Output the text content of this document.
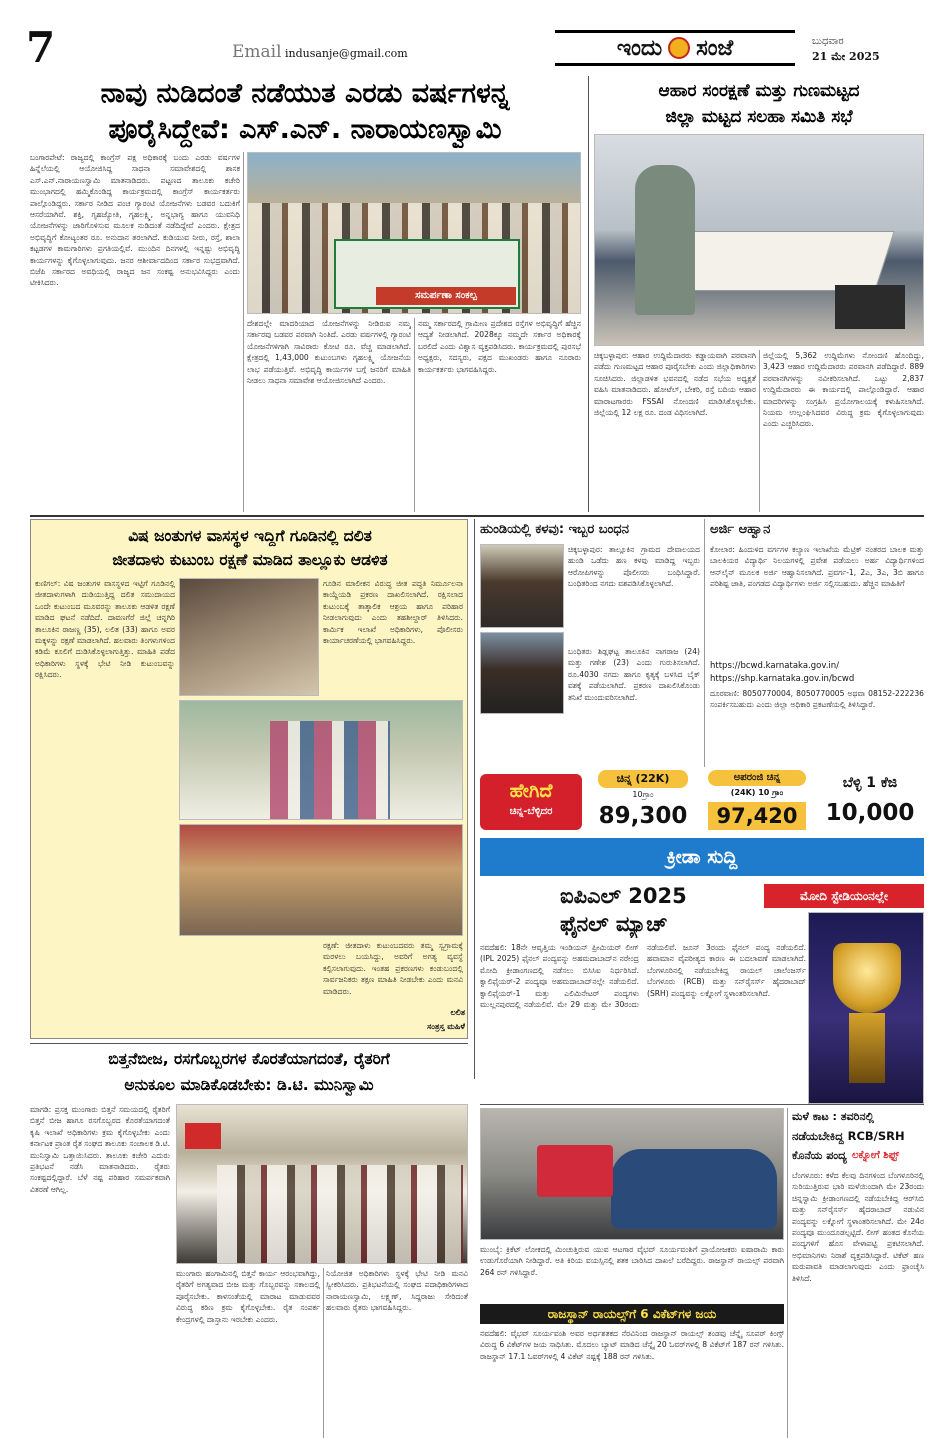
7	Email indusanje@gmail.com	ಇಂದು ಸಂಜೆ	ಬುಧವಾರ
21 ಮೇ 2025
ನಾವು ನುಡಿದಂತೆ ನಡೆಯುತ ಎರಡು ವರ್ಷಗಳನ್ನ
ಪೂರೈಸಿದ್ದೇವೆ: ಎಸ್.ಎನ್. ನಾರಾಯಣಸ್ವಾಮಿ
ಬಂಗಾರಪೇಟೆ: ರಾಜ್ಯದಲ್ಲಿ ಕಾಂಗ್ರೆಸ್ ಪಕ್ಷ ಅಧಿಕಾರಕ್ಕೆ ಬಂದು ಎರಡು ವರ್ಷಗಳ ಹಿನ್ನೆಲೆಯಲ್ಲಿ ಆಯೋಜಿಸಿದ್ದ ಸಾಧನಾ ಸಮಾವೇಶದಲ್ಲಿ ಶಾಸಕ ಎಸ್.ಎನ್.ನಾರಾಯಣಸ್ವಾಮಿ ಮಾತನಾಡಿದರು. ಪಟ್ಟಣದ ತಾಲೂಕು ಕಚೇರಿ ಮುಂಭಾಗದಲ್ಲಿ ಹಮ್ಮಿಕೊಂಡಿದ್ದ ಕಾರ್ಯಕ್ರಮದಲ್ಲಿ ಕಾಂಗ್ರೆಸ್ ಕಾರ್ಯಕರ್ತರು ಪಾಲ್ಗೊಂಡಿದ್ದರು. ಸರ್ಕಾರ ನೀಡಿದ ಪಂಚ ಗ್ಯಾರಂಟಿ ಯೋಜನೆಗಳು ಬಡವರ ಬದುಕಿಗೆ ಆಸರೆಯಾಗಿವೆ. ಶಕ್ತಿ, ಗೃಹಜ್ಯೋತಿ, ಗೃಹಲಕ್ಷ್ಮಿ, ಅನ್ನಭಾಗ್ಯ ಹಾಗೂ ಯುವನಿಧಿ ಯೋಜನೆಗಳನ್ನು ಜಾರಿಗೊಳಿಸುವ ಮೂಲಕ ನುಡಿದಂತೆ ನಡೆದಿದ್ದೇವೆ ಎಂದರು. ಕ್ಷೇತ್ರದ ಅಭಿವೃದ್ಧಿಗೆ ಕೋಟ್ಯಂತರ ರೂ. ಅನುದಾನ ತರಲಾಗಿದೆ. ಕುಡಿಯುವ ನೀರು, ರಸ್ತೆ, ಶಾಲಾ ಕಟ್ಟಡಗಳ ಕಾಮಗಾರಿಗಳು ಪ್ರಗತಿಯಲ್ಲಿವೆ. ಮುಂದಿನ ದಿನಗಳಲ್ಲಿ ಇನ್ನಷ್ಟು ಅಭಿವೃದ್ಧಿ ಕಾರ್ಯಗಳನ್ನು ಕೈಗೊಳ್ಳಲಾಗುವುದು. ಜನರ ಆಶೀರ್ವಾದದಿಂದ ಸರ್ಕಾರ ಸುಭದ್ರವಾಗಿದೆ. ಬಿಜೆಪಿ ಸರ್ಕಾರದ ಅವಧಿಯಲ್ಲಿ ರಾಜ್ಯದ ಜನ ಸಂಕಷ್ಟ ಅನುಭವಿಸಿದ್ದರು ಎಂದು ಟೀಕಿಸಿದರು.
ಸಮರ್ಪಣಾ ಸಂಕಲ್ಪ
ದೇಶದಲ್ಲೇ ಮಾದರಿಯಾದ ಯೋಜನೆಗಳನ್ನು ನೀಡಿರುವ ನಮ್ಮ ಸರ್ಕಾರವು ಬಡವರ ಪರವಾಗಿ ನಿಂತಿದೆ. ಎರಡು ವರ್ಷಗಳಲ್ಲಿ ಗ್ಯಾರಂಟಿ ಯೋಜನೆಗಳಿಗಾಗಿ ಸಾವಿರಾರು ಕೋಟಿ ರೂ. ವೆಚ್ಚ ಮಾಡಲಾಗಿದೆ. ಕ್ಷೇತ್ರದಲ್ಲಿ 1,43,000 ಕುಟುಂಬಗಳು ಗೃಹಲಕ್ಷ್ಮಿ ಯೋಜನೆಯ ಲಾಭ ಪಡೆಯುತ್ತಿವೆ. ಅಭಿವೃದ್ಧಿ ಕಾರ್ಯಗಳ ಬಗ್ಗೆ ಜನರಿಗೆ ಮಾಹಿತಿ ನೀಡಲು ಸಾಧನಾ ಸಮಾವೇಶ ಆಯೋಜಿಸಲಾಗಿದೆ ಎಂದರು.
ನಮ್ಮ ಸರ್ಕಾರದಲ್ಲಿ ಗ್ರಾಮೀಣ ಪ್ರದೇಶದ ರಸ್ತೆಗಳ ಅಭಿವೃದ್ಧಿಗೆ ಹೆಚ್ಚಿನ ಆದ್ಯತೆ ನೀಡಲಾಗಿದೆ. 2028ಕ್ಕೂ ನಮ್ಮದೇ ಸರ್ಕಾರ ಅಧಿಕಾರಕ್ಕೆ ಬರಲಿದೆ ಎಂದು ವಿಶ್ವಾಸ ವ್ಯಕ್ತಪಡಿಸಿದರು. ಕಾರ್ಯಕ್ರಮದಲ್ಲಿ ಪುರಸಭೆ ಅಧ್ಯಕ್ಷರು, ಸದಸ್ಯರು, ಪಕ್ಷದ ಮುಖಂಡರು ಹಾಗೂ ನೂರಾರು ಕಾರ್ಯಕರ್ತರು ಭಾಗವಹಿಸಿದ್ದರು.
ಆಹಾರ ಸಂರಕ್ಷಣೆ ಮತ್ತು ಗುಣಮಟ್ಟದ
ಜಿಲ್ಲಾ ಮಟ್ಟದ ಸಲಹಾ ಸಮಿತಿ ಸಭೆ
ಚಿಕ್ಕಬಳ್ಳಾಪುರ: ಆಹಾರ ಉದ್ದಿಮೆದಾರರು ಕಡ್ಡಾಯವಾಗಿ ಪರವಾನಗಿ ಪಡೆದು ಗುಣಮಟ್ಟದ ಆಹಾರ ಪೂರೈಸಬೇಕು ಎಂದು ಜಿಲ್ಲಾಧಿಕಾರಿಗಳು ಸೂಚಿಸಿದರು. ಜಿಲ್ಲಾಡಳಿತ ಭವನದಲ್ಲಿ ನಡೆದ ಸಭೆಯ ಅಧ್ಯಕ್ಷತೆ ವಹಿಸಿ ಮಾತನಾಡಿದರು. ಹೋಟೆಲ್, ಬೇಕರಿ, ರಸ್ತೆ ಬದಿಯ ಆಹಾರ ಮಾರಾಟಗಾರರು FSSAI ನೋಂದಣಿ ಮಾಡಿಸಿಕೊಳ್ಳಬೇಕು. ಜಿಲ್ಲೆಯಲ್ಲಿ 12 ಲಕ್ಷ ರೂ. ದಂಡ ವಿಧಿಸಲಾಗಿದೆ.
ಜಿಲ್ಲೆಯಲ್ಲಿ 5,362 ಉದ್ದಿಮೆಗಳು ನೋಂದಣಿ ಹೊಂದಿದ್ದು, 3,423 ಆಹಾರ ಉದ್ದಿಮೆದಾರರು ಪರವಾನಗಿ ಪಡೆದಿದ್ದಾರೆ. 889 ಪರವಾನಗಿಗಳನ್ನು ನವೀಕರಿಸಲಾಗಿದೆ. ಒಟ್ಟು 2,837 ಉದ್ದಿಮೆದಾರರು ಈ ಕಾರ್ಯದಲ್ಲಿ ಪಾಲ್ಗೊಂಡಿದ್ದಾರೆ. ಆಹಾರ ಮಾದರಿಗಳನ್ನು ಸಂಗ್ರಹಿಸಿ ಪ್ರಯೋಗಾಲಯಕ್ಕೆ ಕಳುಹಿಸಲಾಗಿದೆ. ನಿಯಮ ಉಲ್ಲಂಘಿಸಿದವರ ವಿರುದ್ಧ ಕ್ರಮ ಕೈಗೊಳ್ಳಲಾಗುವುದು ಎಂದು ಎಚ್ಚರಿಸಿದರು.
ವಿಷ ಜಂತುಗಳ ವಾಸಸ್ಥಳ ಇದ್ದಿಗೆ ಗೂಡಿನಲ್ಲಿ ದಲಿತ
ಜೀತದಾಳು ಕುಟುಂಬ ರಕ್ಷಣೆ ಮಾಡಿದ ತಾಲ್ಲೂಕು ಆಡಳಿತ
ಕುಣಿಗಲ್: ವಿಷ ಜಂತುಗಳ ವಾಸಸ್ಥಳದ ಇಟ್ಟಿಗೆ ಗೂಡಿನಲ್ಲಿ ಜೀತದಾಳುಗಳಾಗಿ ದುಡಿಯುತ್ತಿದ್ದ ದಲಿತ ಸಮುದಾಯದ ಒಂದೇ ಕುಟುಂಬದ ಮೂವರನ್ನು ತಾಲೂಕು ಆಡಳಿತ ರಕ್ಷಣೆ ಮಾಡಿದ ಘಟನೆ ನಡೆದಿದೆ. ದಾವಣಗೆರೆ ಜಿಲ್ಲೆ ಚನ್ನಗಿರಿ ತಾಲೂಕಿನ ರಾಜಣ್ಣ (35), ಲಲಿತ (33) ಹಾಗೂ ಅವರ ಮಕ್ಕಳನ್ನು ರಕ್ಷಣೆ ಮಾಡಲಾಗಿದೆ. ಹಲವಾರು ತಿಂಗಳುಗಳಿಂದ ಕಡಿಮೆ ಕೂಲಿಗೆ ದುಡಿಸಿಕೊಳ್ಳಲಾಗುತ್ತಿತ್ತು. ಮಾಹಿತಿ ಪಡೆದ ಅಧಿಕಾರಿಗಳು ಸ್ಥಳಕ್ಕೆ ಭೇಟಿ ನೀಡಿ ಕುಟುಂಬವನ್ನು ರಕ್ಷಿಸಿದರು.
ಗೂಡಿನ ಮಾಲೀಕನ ವಿರುದ್ಧ ಜೀತ ಪದ್ಧತಿ ನಿರ್ಮೂಲನಾ ಕಾಯ್ದೆಯಡಿ ಪ್ರಕರಣ ದಾಖಲಿಸಲಾಗಿದೆ. ರಕ್ಷಿಸಲಾದ ಕುಟುಂಬಕ್ಕೆ ತಾತ್ಕಾಲಿಕ ಆಶ್ರಯ ಹಾಗೂ ಪರಿಹಾರ ನೀಡಲಾಗುವುದು ಎಂದು ತಹಶೀಲ್ದಾರ್ ತಿಳಿಸಿದರು. ಕಾರ್ಮಿಕ ಇಲಾಖೆ ಅಧಿಕಾರಿಗಳು, ಪೊಲೀಸರು ಕಾರ್ಯಾಚರಣೆಯಲ್ಲಿ ಭಾಗವಹಿಸಿದ್ದರು.
ರಕ್ಷಣೆ: ಜೀತದಾಳು ಕುಟುಂಬದವರು ತಮ್ಮ ಸ್ವಗ್ರಾಮಕ್ಕೆ ಮರಳಲು ಬಯಸಿದ್ದು, ಅವರಿಗೆ ಅಗತ್ಯ ವ್ಯವಸ್ಥೆ ಕಲ್ಪಿಸಲಾಗುವುದು. ಇಂತಹ ಪ್ರಕರಣಗಳು ಕಂಡುಬಂದಲ್ಲಿ ಸಾರ್ವಜನಿಕರು ತಕ್ಷಣ ಮಾಹಿತಿ ನೀಡಬೇಕು ಎಂದು ಮನವಿ ಮಾಡಿದರು.
ಲಲಿತ
ಸಂತ್ರಸ್ತ ಮಹಿಳೆ
ಹುಂಡಿಯಲ್ಲಿ ಕಳವು: ಇಬ್ಬರ ಬಂಧನ
ಚಿಕ್ಕಬಳ್ಳಾಪುರ: ತಾಲ್ಲೂಕಿನ ಗ್ರಾಮದ ದೇವಾಲಯದ ಹುಂಡಿ ಒಡೆದು ಹಣ ಕಳವು ಮಾಡಿದ್ದ ಇಬ್ಬರು ಆರೋಪಿಗಳನ್ನು ಪೊಲೀಸರು ಬಂಧಿಸಿದ್ದಾರೆ. ಬಂಧಿತರಿಂದ ನಗದು ವಶಪಡಿಸಿಕೊಳ್ಳಲಾಗಿದೆ.
ಬಂಧಿತರು ಶಿಡ್ಲಘಟ್ಟ ತಾಲೂಕಿನ ನಾಗರಾಜ (24) ಮತ್ತು ಗಣೇಶ (23) ಎಂದು ಗುರುತಿಸಲಾಗಿದೆ. ರೂ.4030 ನಗದು ಹಾಗೂ ಕೃತ್ಯಕ್ಕೆ ಬಳಸಿದ ಬೈಕ್ ವಶಕ್ಕೆ ಪಡೆಯಲಾಗಿದೆ. ಪ್ರಕರಣ ದಾಖಲಿಸಿಕೊಂಡು ತನಿಖೆ ಮುಂದುವರಿಸಲಾಗಿದೆ.
ಅರ್ಜಿ ಆಹ್ವಾನ
ಕೋಲಾರ: ಹಿಂದುಳಿದ ವರ್ಗಗಳ ಕಲ್ಯಾಣ ಇಲಾಖೆಯ ಮೆಟ್ರಿಕ್ ನಂತರದ ಬಾಲಕ ಮತ್ತು ಬಾಲಕಿಯರ ವಿದ್ಯಾರ್ಥಿ ನಿಲಯಗಳಲ್ಲಿ ಪ್ರವೇಶ ಪಡೆಯಲು ಅರ್ಹ ವಿದ್ಯಾರ್ಥಿಗಳಿಂದ ಆನ್‌ಲೈನ್ ಮೂಲಕ ಅರ್ಜಿ ಆಹ್ವಾನಿಸಲಾಗಿದೆ. ಪ್ರವರ್ಗ-1, 2ಎ, 3ಎ, 3ಬಿ ಹಾಗೂ ಪರಿಶಿಷ್ಟ ಜಾತಿ, ಪಂಗಡದ ವಿದ್ಯಾರ್ಥಿಗಳು ಅರ್ಜಿ ಸಲ್ಲಿಸಬಹುದು. ಹೆಚ್ಚಿನ ಮಾಹಿತಿಗೆ
https://bcwd.karnataka.gov.in/
https://shp.karnataka.gov.in/bcwd
ದೂರವಾಣಿ: 8050770004, 8050770005 ಅಥವಾ 08152-222236 ಸಂಪರ್ಕಿಸಬಹುದು ಎಂದು ಜಿಲ್ಲಾ ಅಧಿಕಾರಿ ಪ್ರಕಟಣೆಯಲ್ಲಿ ತಿಳಿಸಿದ್ದಾರೆ.
ಹೇಗಿದೆ
ಚಿನ್ನ-ಬೆಳ್ಳಿದರ
ಚಿನ್ನ (22K)
10ಗ್ರಾಂ
89,300
ಅಪರಂಜಿ ಚಿನ್ನ
(24K) 10 ಗ್ರಾಂ
97,420
ಬೆಳ್ಳಿ 1 ಕೆಜಿ
10,000
ಕ್ರೀಡಾ ಸುದ್ದಿ
ಐಪಿಎಲ್ 2025	ಮೋದಿ ಸ್ಟೇಡಿಯಂನಲ್ಲೇ
ಫೈನಲ್ ಮ್ಯಾಚ್
ನವದೆಹಲಿ: 18ನೇ ಆವೃತ್ತಿಯ ಇಂಡಿಯನ್ ಪ್ರೀಮಿಯರ್ ಲೀಗ್ (IPL 2025) ಫೈನಲ್ ಪಂದ್ಯವನ್ನು ಅಹಮದಾಬಾದ್‌ನ ನರೇಂದ್ರ ಮೋದಿ ಕ್ರೀಡಾಂಗಣದಲ್ಲಿ ನಡೆಸಲು ಬಿಸಿಸಿಐ ನಿರ್ಧರಿಸಿದೆ. ಕ್ವಾಲಿಫೈಯರ್-2 ಪಂದ್ಯವೂ ಅಹಮದಾಬಾದ್‌ನಲ್ಲೇ ನಡೆಯಲಿದೆ. ಕ್ವಾಲಿಫೈಯರ್-1 ಮತ್ತು ಎಲಿಮಿನೇಟರ್ ಪಂದ್ಯಗಳು ಮುಲ್ಲನಪುರದಲ್ಲಿ ನಡೆಯಲಿವೆ. ಮೇ 29 ಮತ್ತು ಮೇ 30ರಂದು ನಡೆಯಲಿವೆ. ಜೂನ್ 3ರಂದು ಫೈನಲ್ ಪಂದ್ಯ ನಡೆಯಲಿದೆ. ಹವಾಮಾನ ವೈಪರೀತ್ಯದ ಕಾರಣ ಈ ಬದಲಾವಣೆ ಮಾಡಲಾಗಿದೆ. ಬೆಂಗಳೂರಿನಲ್ಲಿ ನಡೆಯಬೇಕಿದ್ದ ರಾಯಲ್ ಚಾಲೆಂಜರ್ಸ್ ಬೆಂಗಳೂರು (RCB) ಮತ್ತು ಸನ್‌ರೈಸರ್ಸ್ ಹೈದರಾಬಾದ್ (SRH) ಪಂದ್ಯವನ್ನು ಲಕ್ನೋಗೆ ಸ್ಥಳಾಂತರಿಸಲಾಗಿದೆ.
ಮುಂಬೈ: ಕ್ರಿಕೆಟ್ ಲೋಕದಲ್ಲಿ ಮಿಂಚುತ್ತಿರುವ ಯುವ ಆಟಗಾರ ವೈಭವ್ ಸೂರ್ಯವಂಶಿಗೆ ಪ್ರಾಯೋಜಕರು ಐಷಾರಾಮಿ ಕಾರು ಉಡುಗೊರೆಯಾಗಿ ನೀಡಿದ್ದಾರೆ. ಅತಿ ಕಿರಿಯ ವಯಸ್ಸಿನಲ್ಲಿ ಶತಕ ಬಾರಿಸಿದ ದಾಖಲೆ ಬರೆದಿದ್ದರು. ರಾಜಸ್ಥಾನ್ ರಾಯಲ್ಸ್ ಪರವಾಗಿ 264 ರನ್ ಗಳಿಸಿದ್ದಾರೆ.
ರಾಜಸ್ಥಾನ್ ರಾಯಲ್ಸ್‌ಗೆ 6 ವಿಕೆಟ್‌ಗಳ ಜಯ
ನವದೆಹಲಿ: ವೈಭವ್ ಸೂರ್ಯವಂಶಿ ಅವರ ಅರ್ಧಶತಕದ ನೆರವಿನಿಂದ ರಾಜಸ್ಥಾನ್ ರಾಯಲ್ಸ್ ತಂಡವು ಚೆನ್ನೈ ಸೂಪರ್ ಕಿಂಗ್ಸ್ ವಿರುದ್ಧ 6 ವಿಕೆಟ್‌ಗಳ ಜಯ ಸಾಧಿಸಿತು. ಮೊದಲು ಬ್ಯಾಟ್ ಮಾಡಿದ ಚೆನ್ನೈ 20 ಓವರ್‌ಗಳಲ್ಲಿ 8 ವಿಕೆಟ್‌ಗೆ 187 ರನ್ ಗಳಿಸಿತು. ರಾಜಸ್ಥಾನ್ 17.1 ಓವರ್‌ಗಳಲ್ಲಿ 4 ವಿಕೆಟ್ ನಷ್ಟಕ್ಕೆ 188 ರನ್ ಗಳಿಸಿತು.
ಮಳೆ ಕಾಟ : ತವರಿನಲ್ಲಿ
ನಡೆಯಬೇಕಿದ್ದ RCB/SRH
ಕೊನೆಯ ಪಂದ್ಯ ಲಕ್ನೋಗೆ ಶಿಫ್ಟ್
ಬೆಂಗಳೂರು: ಕಳೆದ ಕೆಲವು ದಿನಗಳಿಂದ ಬೆಂಗಳೂರಿನಲ್ಲಿ ಸುರಿಯುತ್ತಿರುವ ಭಾರಿ ಮಳೆಯಿಂದಾಗಿ ಮೇ 23ರಂದು ಚಿನ್ನಸ್ವಾಮಿ ಕ್ರೀಡಾಂಗಣದಲ್ಲಿ ನಡೆಯಬೇಕಿದ್ದ ಆರ್‌ಸಿಬಿ ಮತ್ತು ಸನ್‌ರೈಸರ್ಸ್ ಹೈದರಾಬಾದ್ ನಡುವಿನ ಪಂದ್ಯವನ್ನು ಲಕ್ನೋಗೆ ಸ್ಥಳಾಂತರಿಸಲಾಗಿದೆ. ಮೇ 24ರ ಪಂದ್ಯವೂ ಮುಂದೂಡಲ್ಪಟ್ಟಿದೆ. ಲೀಗ್ ಹಂತದ ಕೊನೆಯ ಪಂದ್ಯಗಳಿಗೆ ಹೊಸ ವೇಳಾಪಟ್ಟಿ ಪ್ರಕಟಿಸಲಾಗಿದೆ. ಅಭಿಮಾನಿಗಳು ನಿರಾಶೆ ವ್ಯಕ್ತಪಡಿಸಿದ್ದಾರೆ. ಟಿಕೆಟ್ ಹಣ ಮರುಪಾವತಿ ಮಾಡಲಾಗುವುದು ಎಂದು ಫ್ರಾಂಚೈಸಿ ತಿಳಿಸಿದೆ.
ಬಿತ್ತನೆಬೀಜ, ರಸಗೊಬ್ಬರಗಳ ಕೊರತೆಯಾಗದಂತೆ, ರೈತರಿಗೆ
ಅನುಕೂಲ ಮಾಡಿಕೊಡಬೇಕು: ಡಿ.ಟಿ. ಮುನಿಸ್ವಾಮಿ
ಮಾಗಡಿ: ಪ್ರಸಕ್ತ ಮುಂಗಾರು ಬಿತ್ತನೆ ಸಮಯದಲ್ಲಿ ರೈತರಿಗೆ ಬಿತ್ತನೆ ಬೀಜ ಹಾಗೂ ರಸಗೊಬ್ಬರದ ಕೊರತೆಯಾಗದಂತೆ ಕೃಷಿ ಇಲಾಖೆ ಅಧಿಕಾರಿಗಳು ಕ್ರಮ ಕೈಗೊಳ್ಳಬೇಕು ಎಂದು ಕರ್ನಾಟಕ ಪ್ರಾಂತ ರೈತ ಸಂಘದ ತಾಲೂಕು ಸಂಚಾಲಕ ಡಿ.ಟಿ. ಮುನಿಸ್ವಾಮಿ ಒತ್ತಾಯಿಸಿದರು. ತಾಲೂಕು ಕಚೇರಿ ಎದುರು ಪ್ರತಿಭಟನೆ ನಡೆಸಿ ಮಾತನಾಡಿದರು. ರೈತರು ಸಂಕಷ್ಟದಲ್ಲಿದ್ದಾರೆ. ಬೆಳೆ ನಷ್ಟ ಪರಿಹಾರ ಸಮರ್ಪಕವಾಗಿ ವಿತರಣೆ ಆಗಿಲ್ಲ.
ಮುಂಗಾರು ಹಂಗಾಮಿನಲ್ಲಿ ಬಿತ್ತನೆ ಕಾರ್ಯ ಆರಂಭವಾಗಿದ್ದು, ರೈತರಿಗೆ ಅಗತ್ಯವಾದ ಬೀಜ ಮತ್ತು ಗೊಬ್ಬರವನ್ನು ಸಕಾಲದಲ್ಲಿ ಪೂರೈಸಬೇಕು. ಕಾಳಸಂತೆಯಲ್ಲಿ ಮಾರಾಟ ಮಾಡುವವರ ವಿರುದ್ಧ ಕಠಿಣ ಕ್ರಮ ಕೈಗೊಳ್ಳಬೇಕು. ರೈತ ಸಂಪರ್ಕ ಕೇಂದ್ರಗಳಲ್ಲಿ ದಾಸ್ತಾನು ಇರಬೇಕು ಎಂದರು.
ನಿಯೋಜಿತ ಅಧಿಕಾರಿಗಳು ಸ್ಥಳಕ್ಕೆ ಭೇಟಿ ನೀಡಿ ಮನವಿ ಸ್ವೀಕರಿಸಿದರು. ಪ್ರತಿಭಟನೆಯಲ್ಲಿ ಸಂಘದ ಪದಾಧಿಕಾರಿಗಳಾದ ನಾರಾಯಣಸ್ವಾಮಿ, ಲಕ್ಷ್ಮಣ್, ಸಿದ್ದರಾಜು ಸೇರಿದಂತೆ ಹಲವಾರು ರೈತರು ಭಾಗವಹಿಸಿದ್ದರು.
